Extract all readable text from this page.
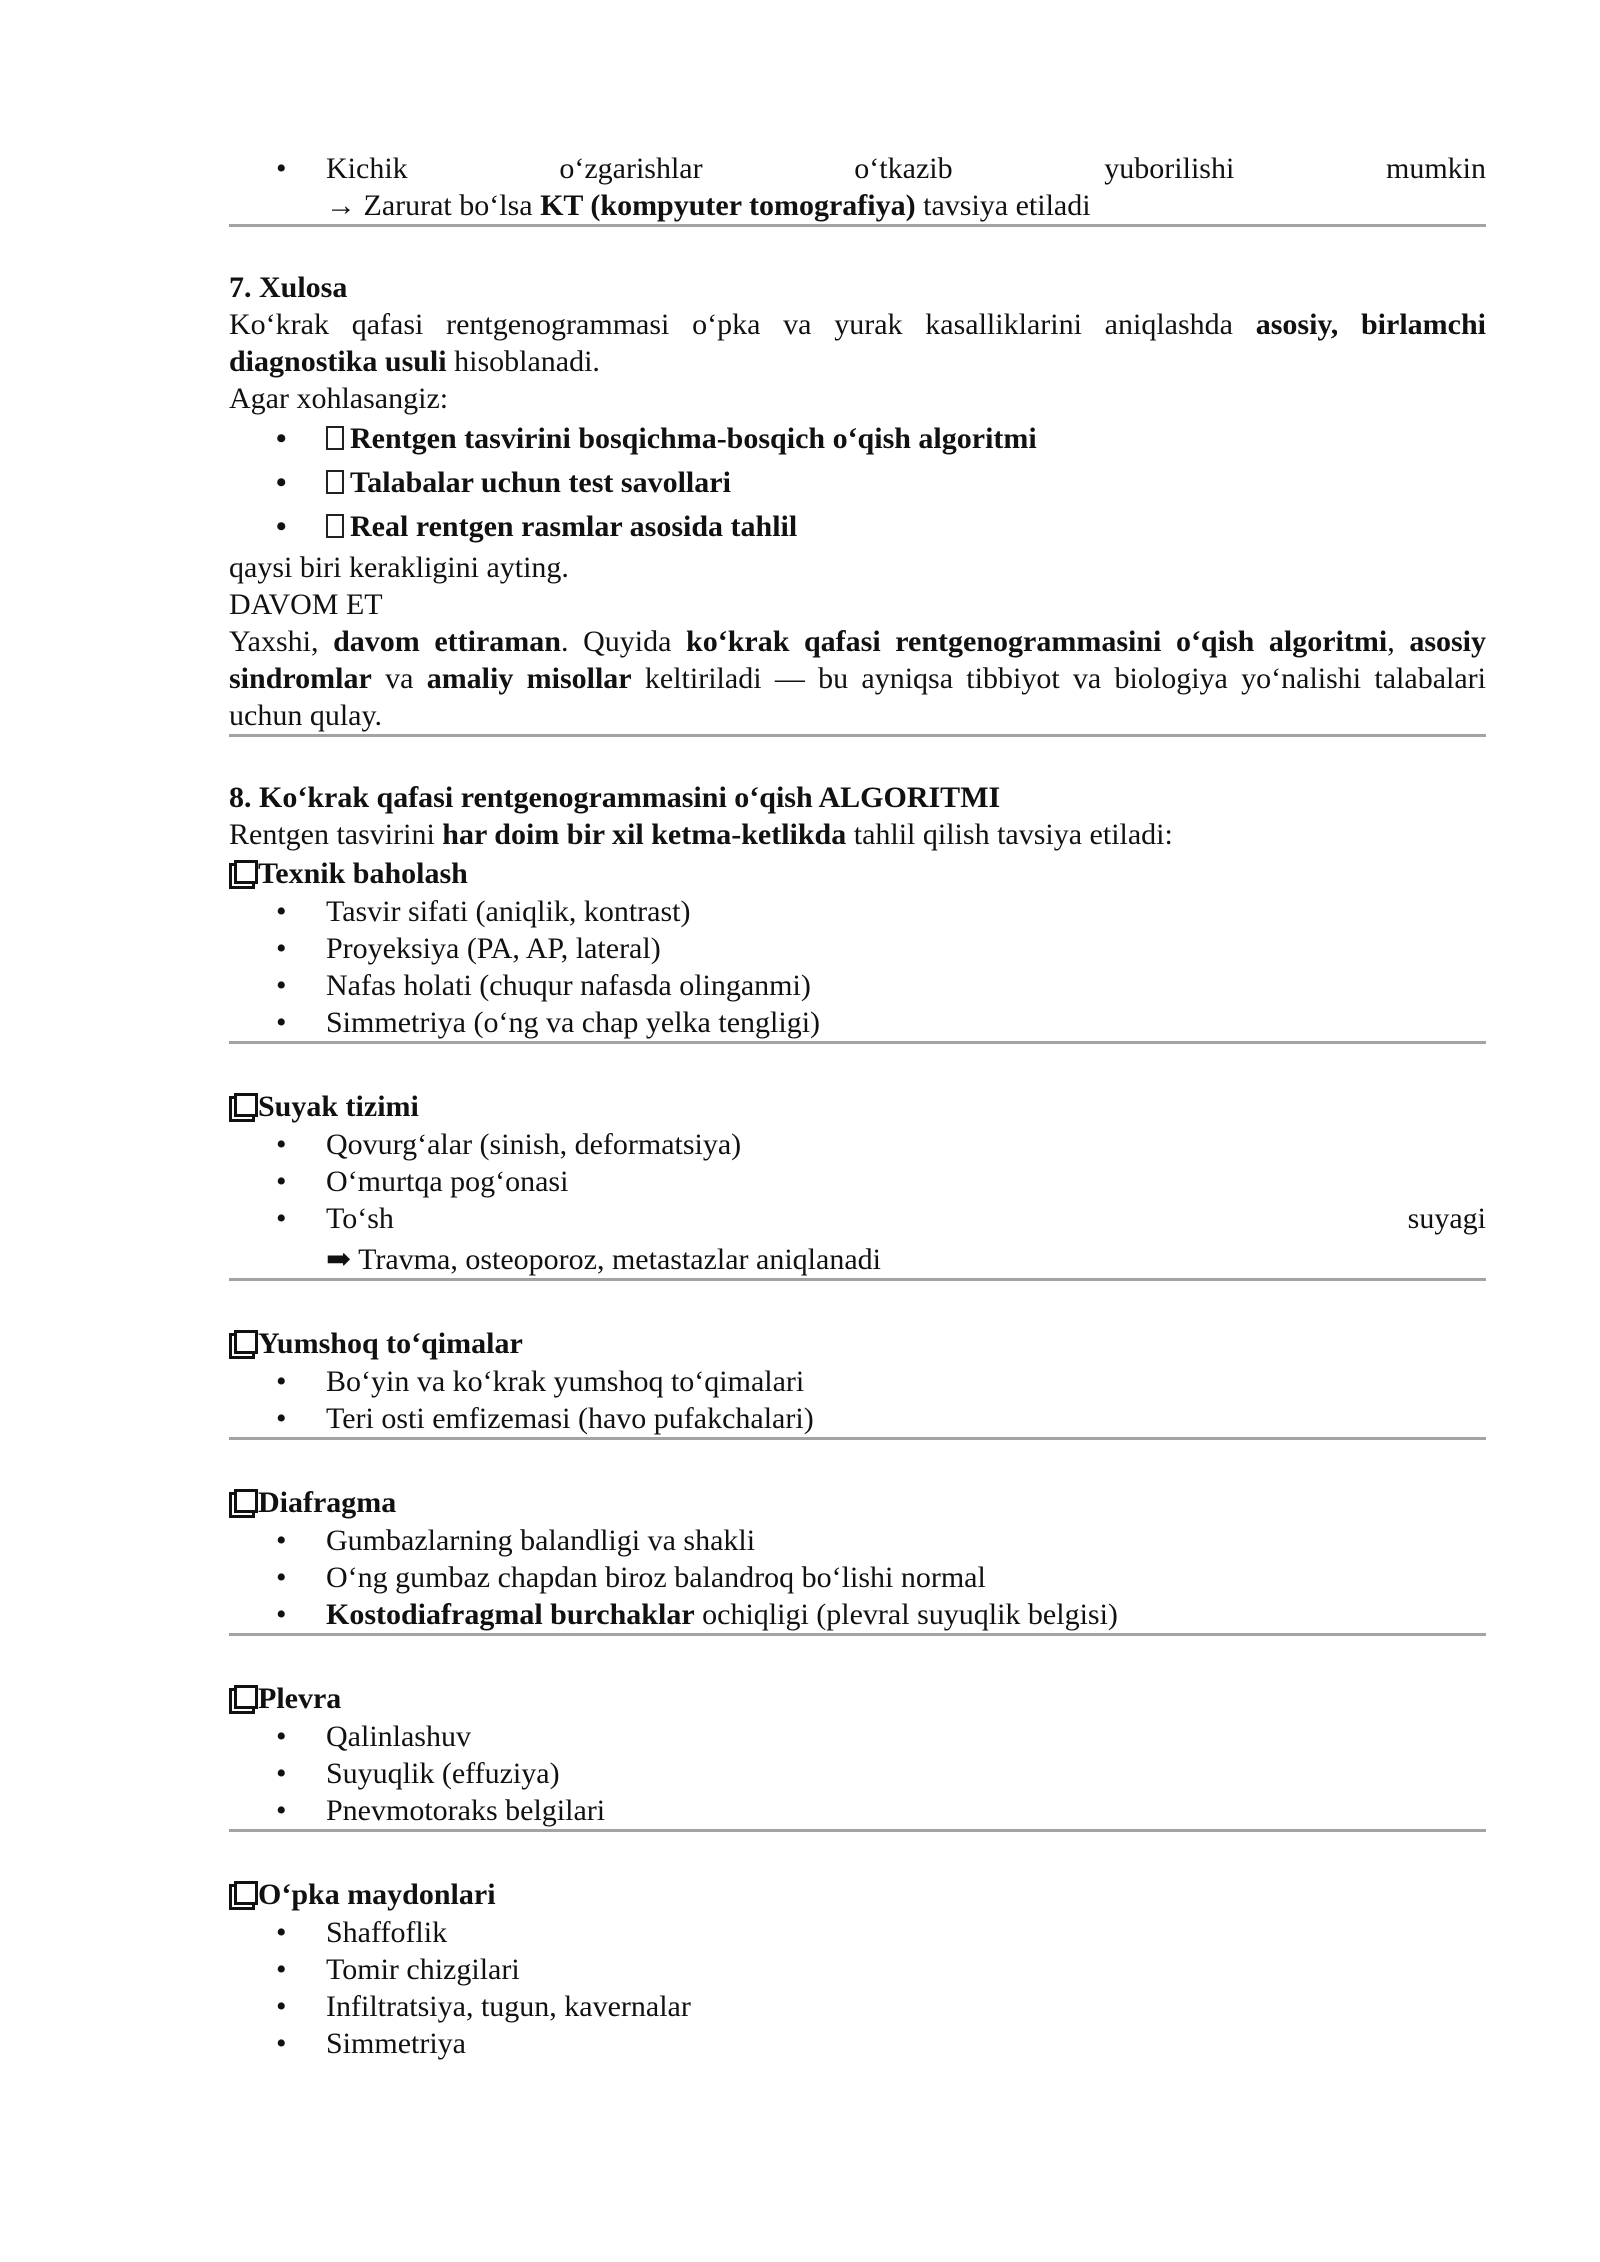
• Kichik	o‘zgarishlar	o‘tkazib	yuborilishi	mumkin
→ Zarurat bo‘lsa KT (kompyuter tomografiya) tavsiya etiladi

7. Xulosa

Ko‘krak qafasi rentgenogrammasi o‘pka va yurak kasalliklarini aniqlashda asosiy, birlamchi diagnostika usuli hisoblanadi.

Agar xohlasangiz:

• Rentgen tasvirini bosqichma-bosqich o‘qish algoritmi
• Talabalar uchun test savollari
• Real rentgen rasmlar asosida tahlil

qaysi biri kerakligini ayting.

DAVOM ET

Yaxshi, davom ettiraman. Quyida ko‘krak qafasi rentgenogrammasini o‘qish algoritmi, asosiy sindromlar va amaliy misollar keltiriladi — bu ayniqsa tibbiyot va biologiya yo‘nalishi talabalari uchun qulay.

8. Ko‘krak qafasi rentgenogrammasini o‘qish ALGORITMI

Rentgen tasvirini har doim bir xil ketma-ketlikda tahlil qilish tavsiya etiladi:

Texnik baholash

• Tasvir sifati (aniqlik, kontrast)
• Proyeksiya (PA, AP, lateral)
• Nafas holati (chuqur nafasda olinganmi)
• Simmetriya (o‘ng va chap yelka tengligi)

Suyak tizimi

• Qovurg‘alar (sinish, deformatsiya)
• O‘murtqa pog‘onasi
• To‘sh	suyagi
➡ Travma, osteoporoz, metastazlar aniqlanadi

Yumshoq to‘qimalar

• Bo‘yin va ko‘krak yumshoq to‘qimalari
• Teri osti emfizemasi (havo pufakchalari)

Diafragma

• Gumbazlarning balandligi va shakli
• O‘ng gumbaz chapdan biroz balandroq bo‘lishi normal
• Kostodiafragmal burchaklar ochiqligi (plevral suyuqlik belgisi)

Plevra

• Qalinlashuv
• Suyuqlik (effuziya)
• Pnevmotoraks belgilari

O‘pka maydonlari

• Shaffoflik
• Tomir chizgilari
• Infiltratsiya, tugun, kavernalar
• Simmetriya
